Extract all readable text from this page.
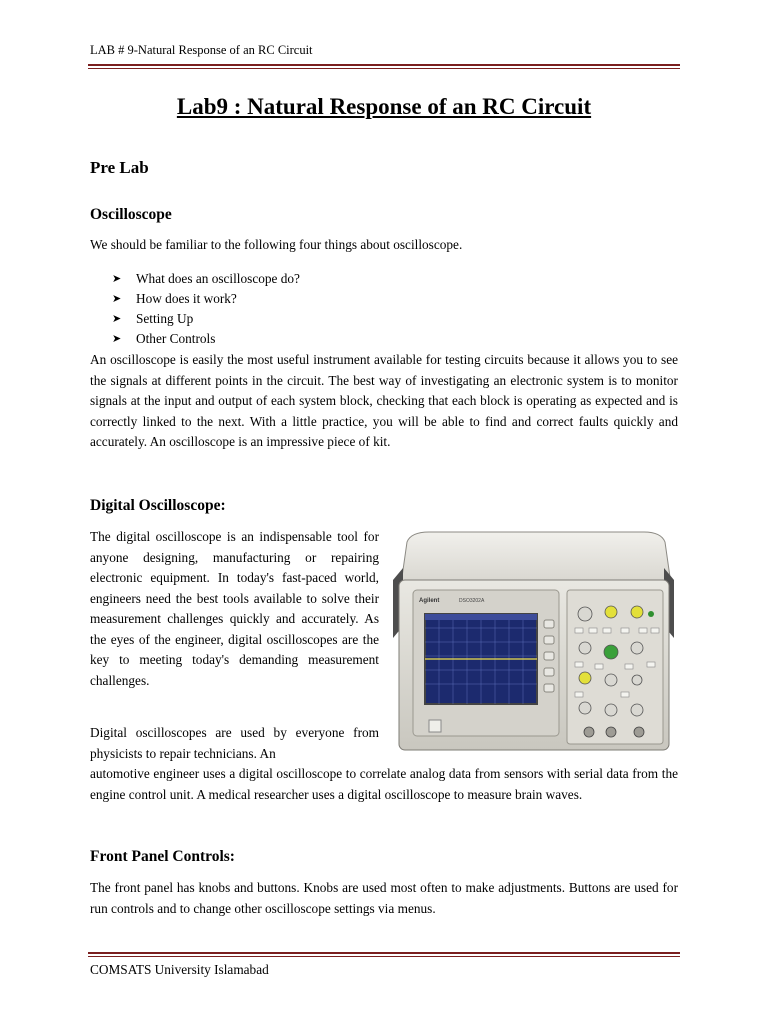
LAB # 9-Natural Response of an RC Circuit
Lab9 : Natural Response of an RC Circuit
Pre Lab
Oscilloscope
We should be familiar to the following four things about oscilloscope.
➤	What does an oscilloscope do?
➤	How does it work?
➤	Setting Up
➤	Other Controls
An oscilloscope is easily the most useful instrument available for testing circuits because it allows you to see the signals at different points in the circuit. The best way of investigating an electronic system is to monitor signals at the input and output of each system block, checking that each block is operating as expected and is correctly linked to the next. With a little practice, you will be able to find and correct faults quickly and accurately. An oscilloscope is an impressive piece of kit.
Digital Oscilloscope:
The digital oscilloscope is an indispensable tool for anyone designing, manufacturing or repairing electronic equipment. In today's fast-paced world, engineers need the best tools available to solve their measurement challenges quickly and accurately. As the eyes of the engineer, digital oscilloscopes are the key to meeting today's demanding measurement challenges.
Digital oscilloscopes are used by everyone from physicists to repair technicians. An
automotive engineer uses a digital oscilloscope to correlate analog data from sensors with serial data from the engine control unit. A medical researcher uses a digital oscilloscope to measure brain waves.
Agilent	DSO3202A
Front Panel Controls:
The front panel has knobs and buttons. Knobs are used most often to make adjustments. Buttons are used for run controls and to change other oscilloscope settings via menus.
COMSATS University Islamabad
